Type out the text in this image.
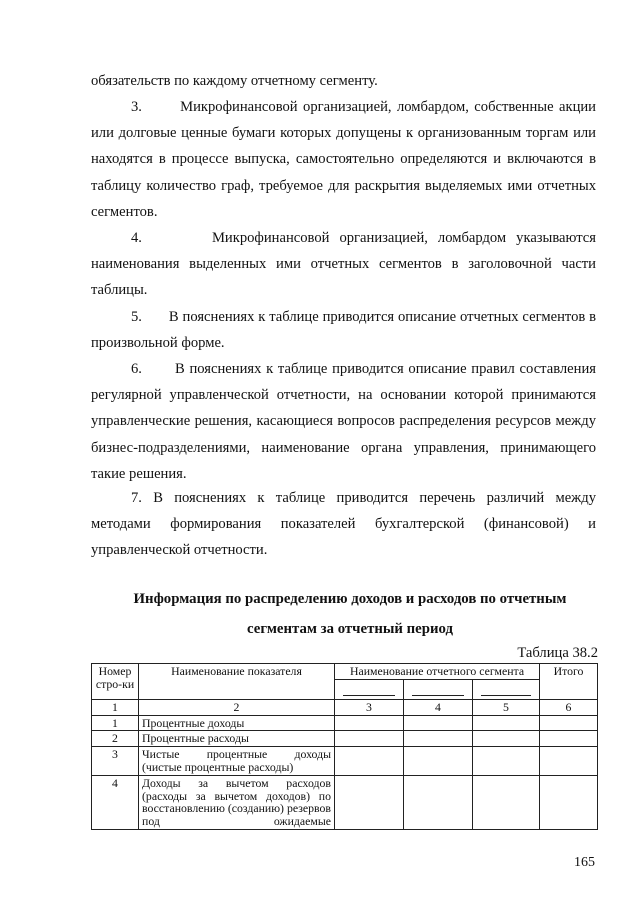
обязательств по каждому отчетному сегменту.

3.       Микрофинансовой организацией, ломбардом, собственные акции или долговые ценные бумаги которых допущены к организованным торгам или находятся в процессе выпуска, самостоятельно определяются и включаются в таблицу количество граф, требуемое для раскрытия выделяемых ими отчетных сегментов.

4.       Микрофинансовой организацией, ломбардом указываются наименования выделенных ими отчетных сегментов в заголовочной части таблицы.

5.       В пояснениях к таблице приводится описание отчетных сегментов в произвольной форме.

6.       В пояснениях к таблице приводится описание правил составления регулярной управленческой отчетности, на основании которой принимаются управленческие решения, касающиеся вопросов распределения ресурсов между бизнес-подразделениями, наименование органа управления, принимающего такие решения.

7. В пояснениях к таблице приводится перечень различий между методами формирования показателей бухгалтерской (финансовой) и управленческой отчетности.

Информация по распределению доходов и расходов по отчетным

сегментам за отчетный период

Таблица 38.2

Номер стро-ки	Наименование показателя	Наименование отчетного сегмента			Итого

1	2	3	4	5	6
1	Процентные доходы				
2	Процентные расходы				
3	Чистые процентные доходы
(чистые процентные расходы)				

4	Доходы за вычетом расходов (расходы за вычетом доходов) по восстановлению (созданию) резервов под ожидаемые				

165
